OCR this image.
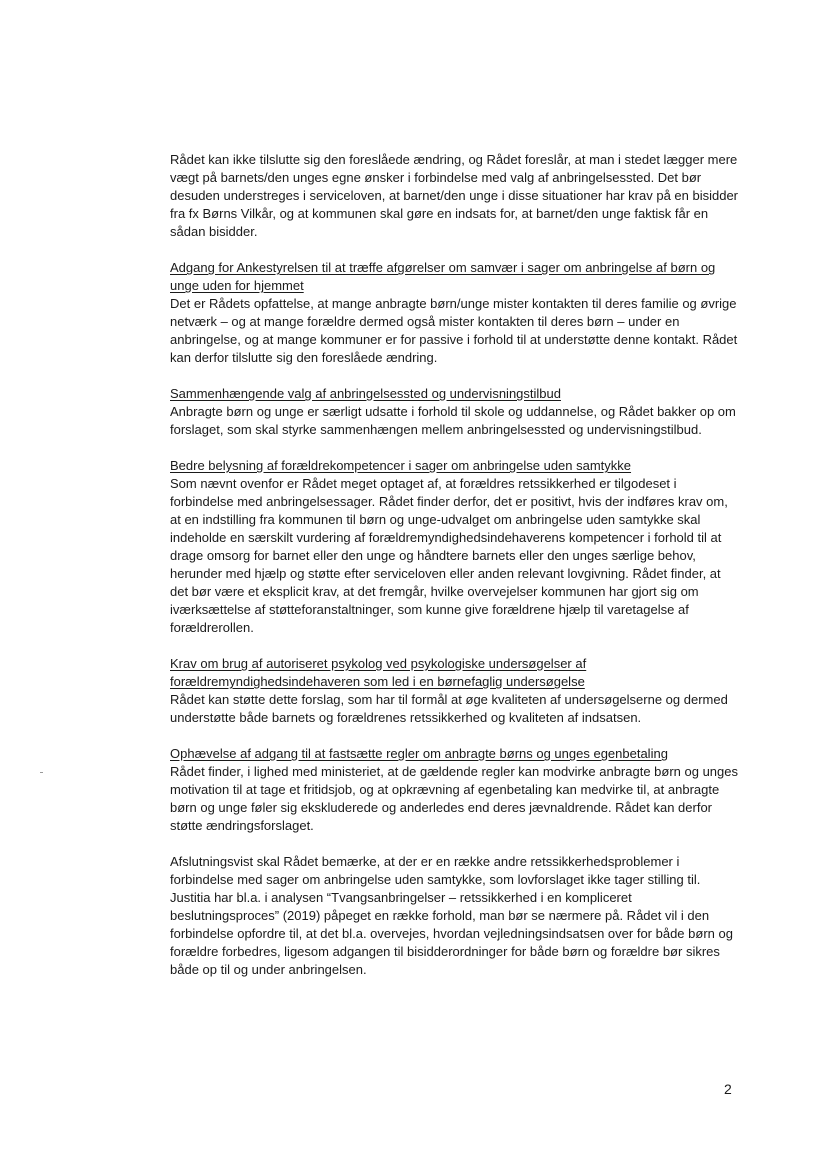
Rådet kan ikke tilslutte sig den foreslåede ændring, og Rådet foreslår, at man i stedet lægger mere vægt på barnets/den unges egne ønsker i forbindelse med valg af anbringelsessted. Det bør desuden understreges i serviceloven, at barnet/den unge i disse situationer har krav på en bisidder fra fx Børns Vilkår, og at kommunen skal gøre en indsats for, at barnet/den unge faktisk får en sådan bisidder.

Adgang for Ankestyrelsen til at træffe afgørelser om samvær i sager om anbringelse af børn og unge uden for hjemmet

Det er Rådets opfattelse, at mange anbragte børn/unge mister kontakten til deres familie og øvrige netværk – og at mange forældre dermed også mister kontakten til deres børn – under en anbringelse, og at mange kommuner er for passive i forhold til at understøtte denne kontakt. Rådet kan derfor tilslutte sig den foreslåede ændring.

Sammenhængende valg af anbringelsessted og undervisningstilbud

Anbragte børn og unge er særligt udsatte i forhold til skole og uddannelse, og Rådet bakker op om forslaget, som skal styrke sammenhængen mellem anbringelsessted og undervisningstilbud.

Bedre belysning af forældrekompetencer i sager om anbringelse uden samtykke

Som nævnt ovenfor er Rådet meget optaget af, at forældres retssikkerhed er tilgodeset i forbindelse med anbringelsessager. Rådet finder derfor, det er positivt, hvis der indføres krav om, at en indstilling fra kommunen til børn og unge-udvalget om anbringelse uden samtykke skal indeholde en særskilt vurdering af forældremyndighedsindehaverens kompetencer i forhold til at drage omsorg for barnet eller den unge og håndtere barnets eller den unges særlige behov, herunder med hjælp og støtte efter serviceloven eller anden relevant lovgivning. Rådet finder, at det bør være et eksplicit krav, at det fremgår, hvilke overvejelser kommunen har gjort sig om iværksættelse af støtteforanstaltninger, som kunne give forældrene hjælp til varetagelse af forældrerollen.

Krav om brug af autoriseret psykolog ved psykologiske undersøgelser af forældremyndighedsindehaveren som led i en børnefaglig undersøgelse

Rådet kan støtte dette forslag, som har til formål at øge kvaliteten af undersøgelserne og dermed understøtte både barnets og forældrenes retssikkerhed og kvaliteten af indsatsen.

Ophævelse af adgang til at fastsætte regler om anbragte børns og unges egenbetaling

Rådet finder, i lighed med ministeriet, at de gældende regler kan modvirke anbragte børn og unges motivation til at tage et fritidsjob, og at opkrævning af egenbetaling kan medvirke til, at anbragte børn og unge føler sig ekskluderede og anderledes end deres jævnaldrende. Rådet kan derfor støtte ændringsforslaget.

Afslutningsvist skal Rådet bemærke, at der er en række andre retssikkerhedsproblemer i forbindelse med sager om anbringelse uden samtykke, som lovforslaget ikke tager stilling til. Justitia har bl.a. i analysen “Tvangsanbringelser – retssikkerhed i en kompliceret beslutningsproces” (2019) påpeget en række forhold, man bør se nærmere på. Rådet vil i den forbindelse opfordre til, at det bl.a. overvejes, hvordan vejledningsindsatsen over for både børn og forældre forbedres, ligesom adgangen til bisidderordninger for både børn og forældre bør sikres både op til og under anbringelsen.

2
